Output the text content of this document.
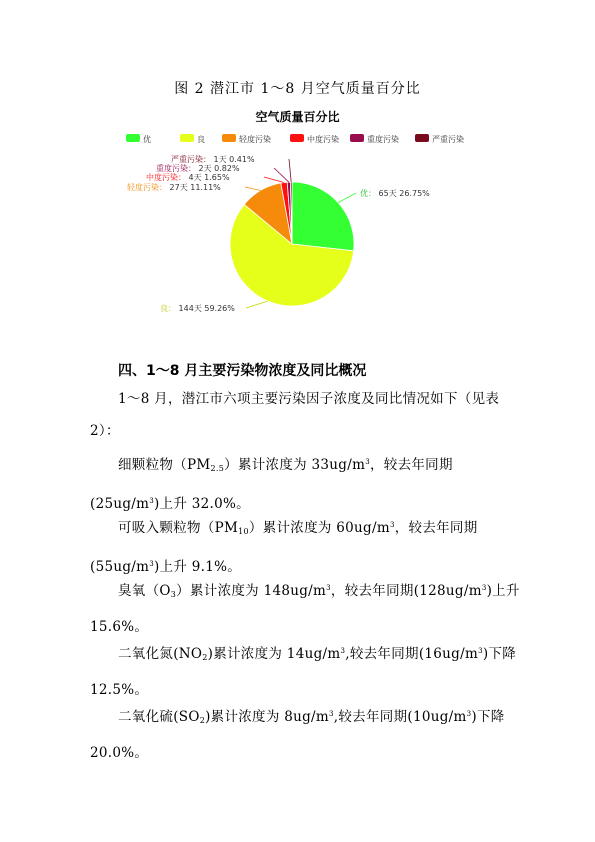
图 2 潜江市 1～8 月空气质量百分比
空气质量百分比
优	良	轻度污染	中度污染	重度污染	严重污染
优： 65天 26.75%
良： 144天 59.26%
轻度污染： 27天 11.11%
中度污染： 4天 1.65%
重度污染： 2天 0.82%
严重污染： 1天 0.41%
四、1～8 月主要污染物浓度及同比概况
1～8 月，潜江市六项主要污染因子浓度及同比情况如下（见表 2）：
细颗粒物$(PM_{2.5})$累计浓度为 $33ug/m^3$，较去年同期$(25ug/m^3)$上升 32.0%。
可吸入颗粒物$(PM_{10})$累计浓度为 $60ug/m^3$，较去年同期$(55ug/m^3)$上升 9.1%。
臭氧$(O_3)$累计浓度为 $148ug/m^3$，较去年同期$(128ug/m^3)$上升 15.6%。
二氧化氮$(NO_2)$累计浓度为 $14ug/m^3$,较去年同期$(16ug/m^3)$下降 12.5%。
二氧化硫$(SO_2)$累计浓度为 $8ug/m^3$,较去年同期$(10ug/m^3)$下降 20.0%。
